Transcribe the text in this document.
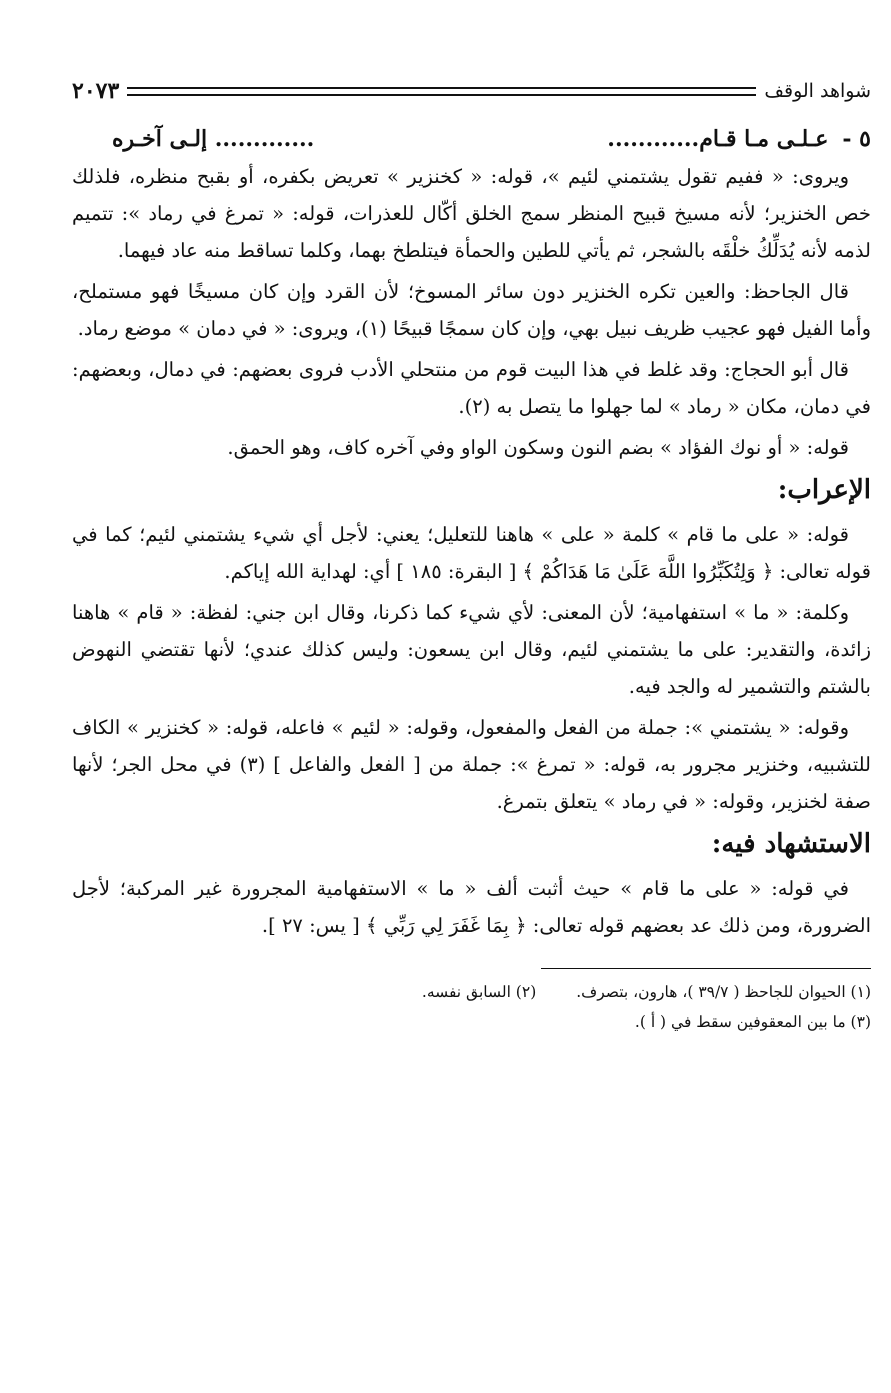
شواهد الوقف
٢٠٧٣
٥ -
عـلـى مـا قـام............
............. إلـى آخـره

ويروى: « ففيم تقول يشتمني لئيم »، قوله: « كخنزير » تعريض بكفره، أو بقبح منظره، فلذلك خص الخنزير؛ لأنه مسيخ قبيح المنظر سمج الخلق أكّال للعذرات، قوله: « تمرغ في رماد »: تتميم لذمه لأنه يُدَلِّكُ خلْقَه بالشجر، ثم يأتي للطين والحمأة فيتلطخ بهما، وكلما تساقط منه عاد فيهما.

قال الجاحظ: والعين تكره الخنزير دون سائر المسوخ؛ لأن القرد وإن كان مسيخًا فهو مستملح، وأما الفيل فهو عجيب ظريف نبيل بهي، وإن كان سمجًا قبيحًا (١)، ويروى: « في دمان » موضع رماد.

قال أبو الحجاج: وقد غلط في هذا البيت قوم من منتحلي الأدب فروى بعضهم: في دمال، وبعضهم: في دمان، مكان « رماد » لما جهلوا ما يتصل به (٢).

قوله: « أو نوك الفؤاد » بضم النون وسكون الواو وفي آخره كاف، وهو الحمق.

الإعراب:

قوله: « على ما قام » كلمة « على » هاهنا للتعليل؛ يعني: لأجل أي شيء يشتمني لئيم؛ كما في قوله تعالى: ﴿ وَلِتُكَبِّرُوا اللَّهَ عَلَىٰ مَا هَدَاكُمْ ﴾ [ البقرة: ١٨٥ ] أي: لهداية الله إياكم.

وكلمة: « ما » استفهامية؛ لأن المعنى: لأي شيء كما ذكرنا، وقال ابن جني: لفظة: « قام » هاهنا زائدة، والتقدير: على ما يشتمني لئيم، وقال ابن يسعون: وليس كذلك عندي؛ لأنها تقتضي النهوض بالشتم والتشمير له والجد فيه.

وقوله: « يشتمني »: جملة من الفعل والمفعول، وقوله: « لئيم » فاعله، قوله: « كخنزير » الكاف للتشبيه، وخنزير مجرور به، قوله: « تمرغ »: جملة من [ الفعل والفاعل ] (٣) في محل الجر؛ لأنها صفة لخنزير، وقوله: « في رماد » يتعلق بتمرغ.

الاستشهاد فيه:

في قوله: « على ما قام » حيث أثبت ألف « ما » الاستفهامية المجرورة غير المركبة؛ لأجل الضرورة، ومن ذلك عد بعضهم قوله تعالى: ﴿ بِمَا غَفَرَ لِي رَبِّي ﴾ [ يس: ٢٧ ].

(١) الحيوان للجاحظ ( ٣٩/٧ )، هارون، بتصرف.
(٢) السابق نفسه.
(٣) ما بين المعقوفين سقط في ( أ ).
